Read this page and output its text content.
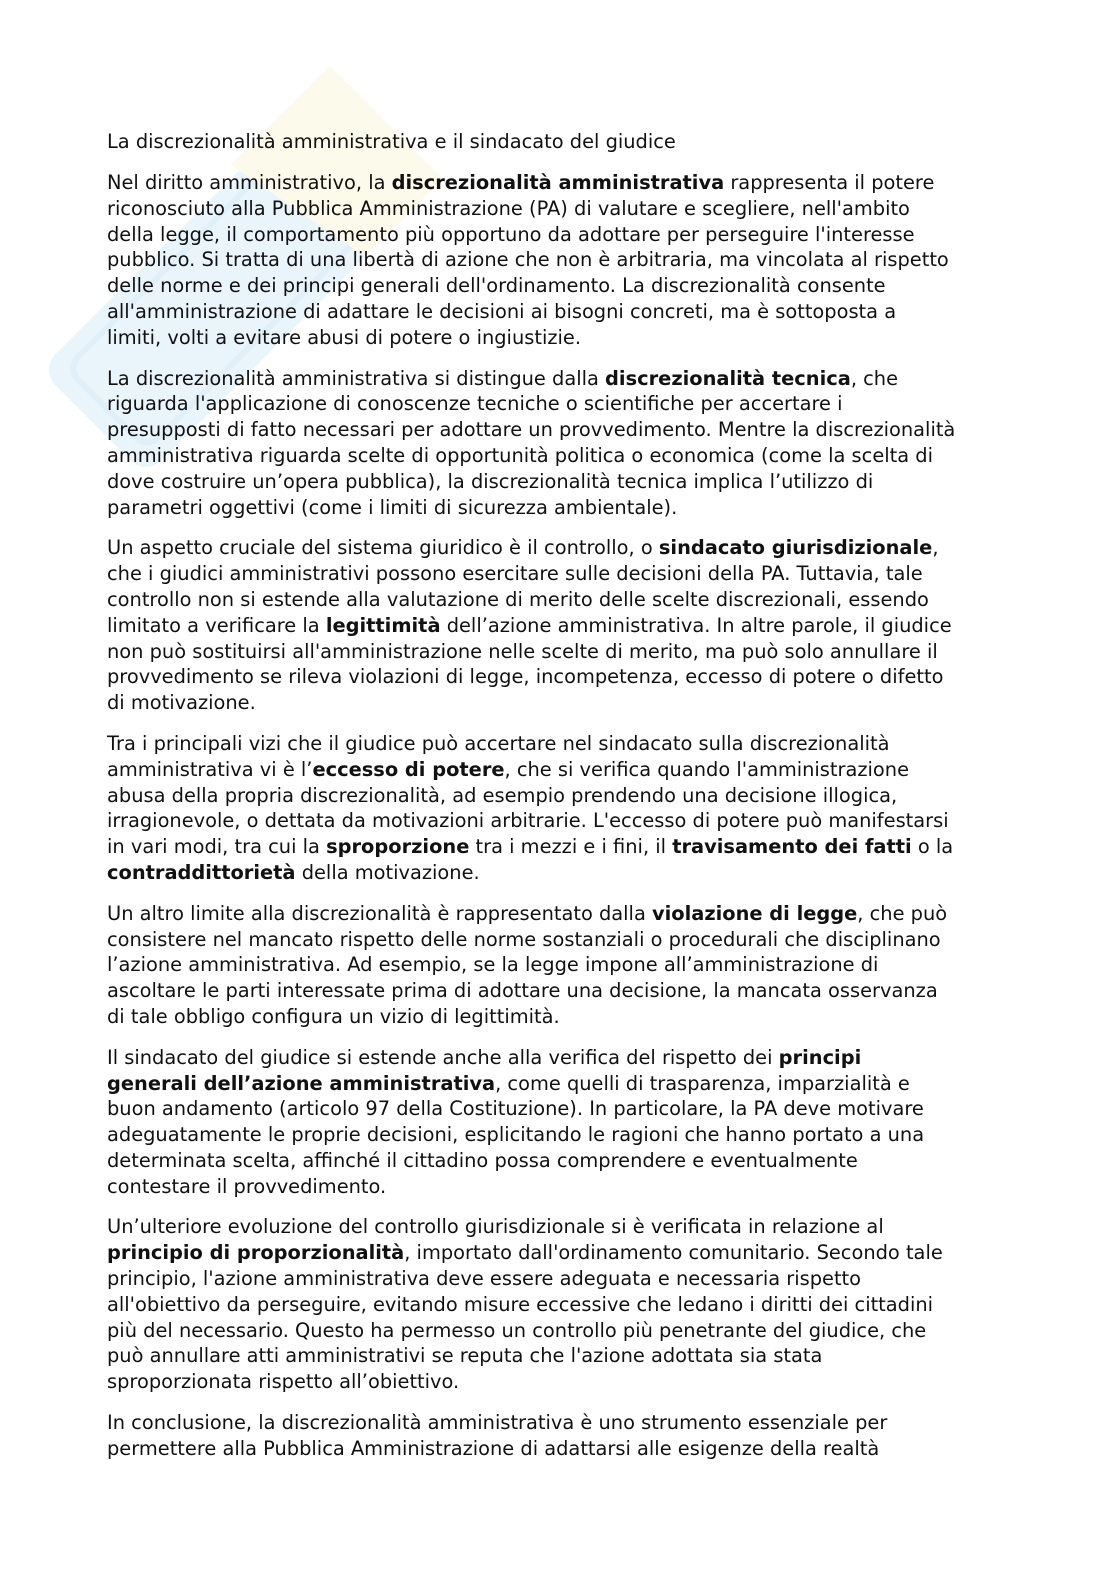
La discrezionalità amministrativa e il sindacato del giudice
Nel diritto amministrativo, la discrezionalità amministrativa rappresenta il potere
riconosciuto alla Pubblica Amministrazione (PA) di valutare e scegliere, nell'ambito
della legge, il comportamento più opportuno da adottare per perseguire l'interesse
pubblico. Si tratta di una libertà di azione che non è arbitraria, ma vincolata al rispetto
delle norme e dei principi generali dell'ordinamento. La discrezionalità consente
all'amministrazione di adattare le decisioni ai bisogni concreti, ma è sottoposta a
limiti, volti a evitare abusi di potere o ingiustizie.
La discrezionalità amministrativa si distingue dalla discrezionalità tecnica, che
riguarda l'applicazione di conoscenze tecniche o scientifiche per accertare i
presupposti di fatto necessari per adottare un provvedimento. Mentre la discrezionalità
amministrativa riguarda scelte di opportunità politica o economica (come la scelta di
dove costruire un’opera pubblica), la discrezionalità tecnica implica l’utilizzo di
parametri oggettivi (come i limiti di sicurezza ambientale).
Un aspetto cruciale del sistema giuridico è il controllo, o sindacato giurisdizionale,
che i giudici amministrativi possono esercitare sulle decisioni della PA. Tuttavia, tale
controllo non si estende alla valutazione di merito delle scelte discrezionali, essendo
limitato a verificare la legittimità dell’azione amministrativa. In altre parole, il giudice
non può sostituirsi all'amministrazione nelle scelte di merito, ma può solo annullare il
provvedimento se rileva violazioni di legge, incompetenza, eccesso di potere o difetto
di motivazione.
Tra i principali vizi che il giudice può accertare nel sindacato sulla discrezionalità
amministrativa vi è l’eccesso di potere, che si verifica quando l'amministrazione
abusa della propria discrezionalità, ad esempio prendendo una decisione illogica,
irragionevole, o dettata da motivazioni arbitrarie. L'eccesso di potere può manifestarsi
in vari modi, tra cui la sproporzione tra i mezzi e i fini, il travisamento dei fatti o la
contraddittorietà della motivazione.
Un altro limite alla discrezionalità è rappresentato dalla violazione di legge, che può
consistere nel mancato rispetto delle norme sostanziali o procedurali che disciplinano
l’azione amministrativa. Ad esempio, se la legge impone all’amministrazione di
ascoltare le parti interessate prima di adottare una decisione, la mancata osservanza
di tale obbligo configura un vizio di legittimità.
Il sindacato del giudice si estende anche alla verifica del rispetto dei principi
generali dell’azione amministrativa, come quelli di trasparenza, imparzialità e
buon andamento (articolo 97 della Costituzione). In particolare, la PA deve motivare
adeguatamente le proprie decisioni, esplicitando le ragioni che hanno portato a una
determinata scelta, affinché il cittadino possa comprendere e eventualmente
contestare il provvedimento.
Un’ulteriore evoluzione del controllo giurisdizionale si è verificata in relazione al
principio di proporzionalità, importato dall'ordinamento comunitario. Secondo tale
principio, l'azione amministrativa deve essere adeguata e necessaria rispetto
all'obiettivo da perseguire, evitando misure eccessive che ledano i diritti dei cittadini
più del necessario. Questo ha permesso un controllo più penetrante del giudice, che
può annullare atti amministrativi se reputa che l'azione adottata sia stata
sproporzionata rispetto all’obiettivo.
In conclusione, la discrezionalità amministrativa è uno strumento essenziale per
permettere alla Pubblica Amministrazione di adattarsi alle esigenze della realtà
